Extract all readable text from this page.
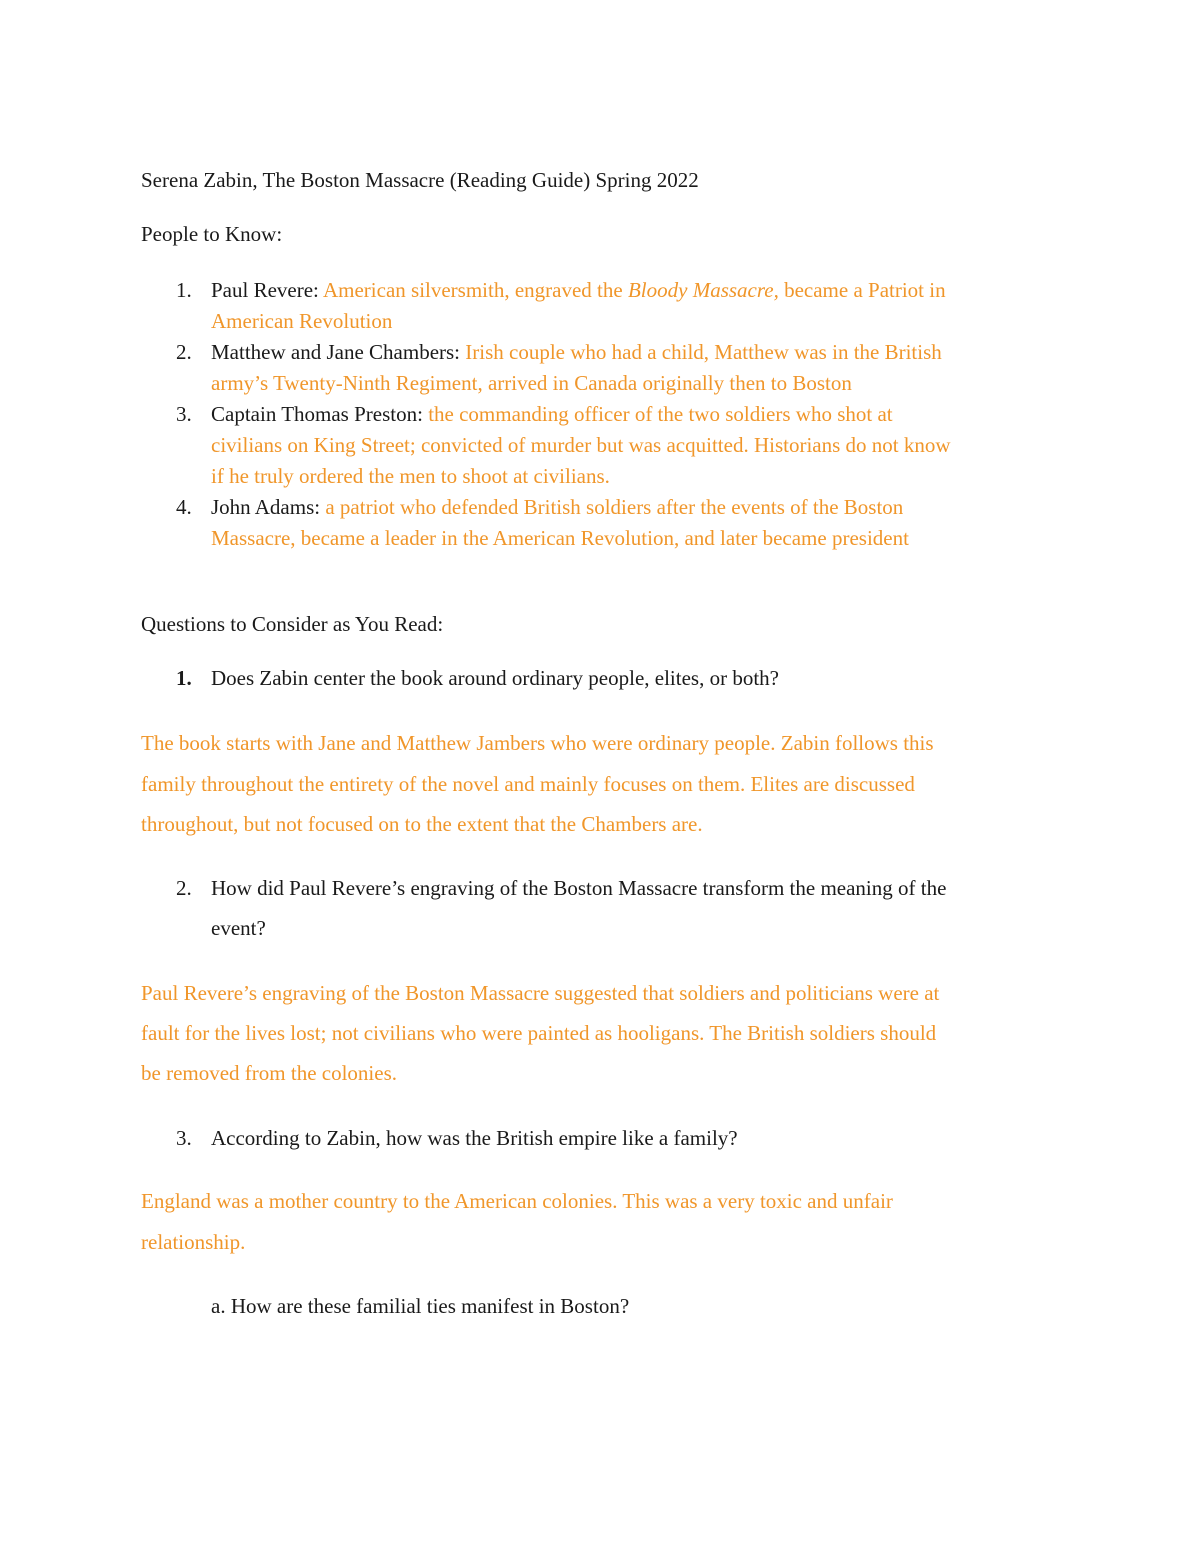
Serena Zabin, The Boston Massacre (Reading Guide) Spring 2022
People to Know:
1. Paul Revere: American silversmith, engraved the Bloody Massacre, became a Patriot in
American Revolution
2. Matthew and Jane Chambers: Irish couple who had a child, Matthew was in the British
army’s Twenty-Ninth Regiment, arrived in Canada originally then to Boston
3. Captain Thomas Preston: the commanding officer of the two soldiers who shot at
civilians on King Street; convicted of murder but was acquitted. Historians do not know
if he truly ordered the men to shoot at civilians.
4. John Adams: a patriot who defended British soldiers after the events of the Boston
Massacre, became a leader in the American Revolution, and later became president
Questions to Consider as You Read:
1. Does Zabin center the book around ordinary people, elites, or both?
The book starts with Jane and Matthew Jambers who were ordinary people. Zabin follows this
family throughout the entirety of the novel and mainly focuses on them. Elites are discussed
throughout, but not focused on to the extent that the Chambers are.
2. How did Paul Revere’s engraving of the Boston Massacre transform the meaning of the
event?
Paul Revere’s engraving of the Boston Massacre suggested that soldiers and politicians were at
fault for the lives lost; not civilians who were painted as hooligans. The British soldiers should
be removed from the colonies.
3. According to Zabin, how was the British empire like a family?
England was a mother country to the American colonies. This was a very toxic and unfair
relationship.
a. How are these familial ties manifest in Boston?
